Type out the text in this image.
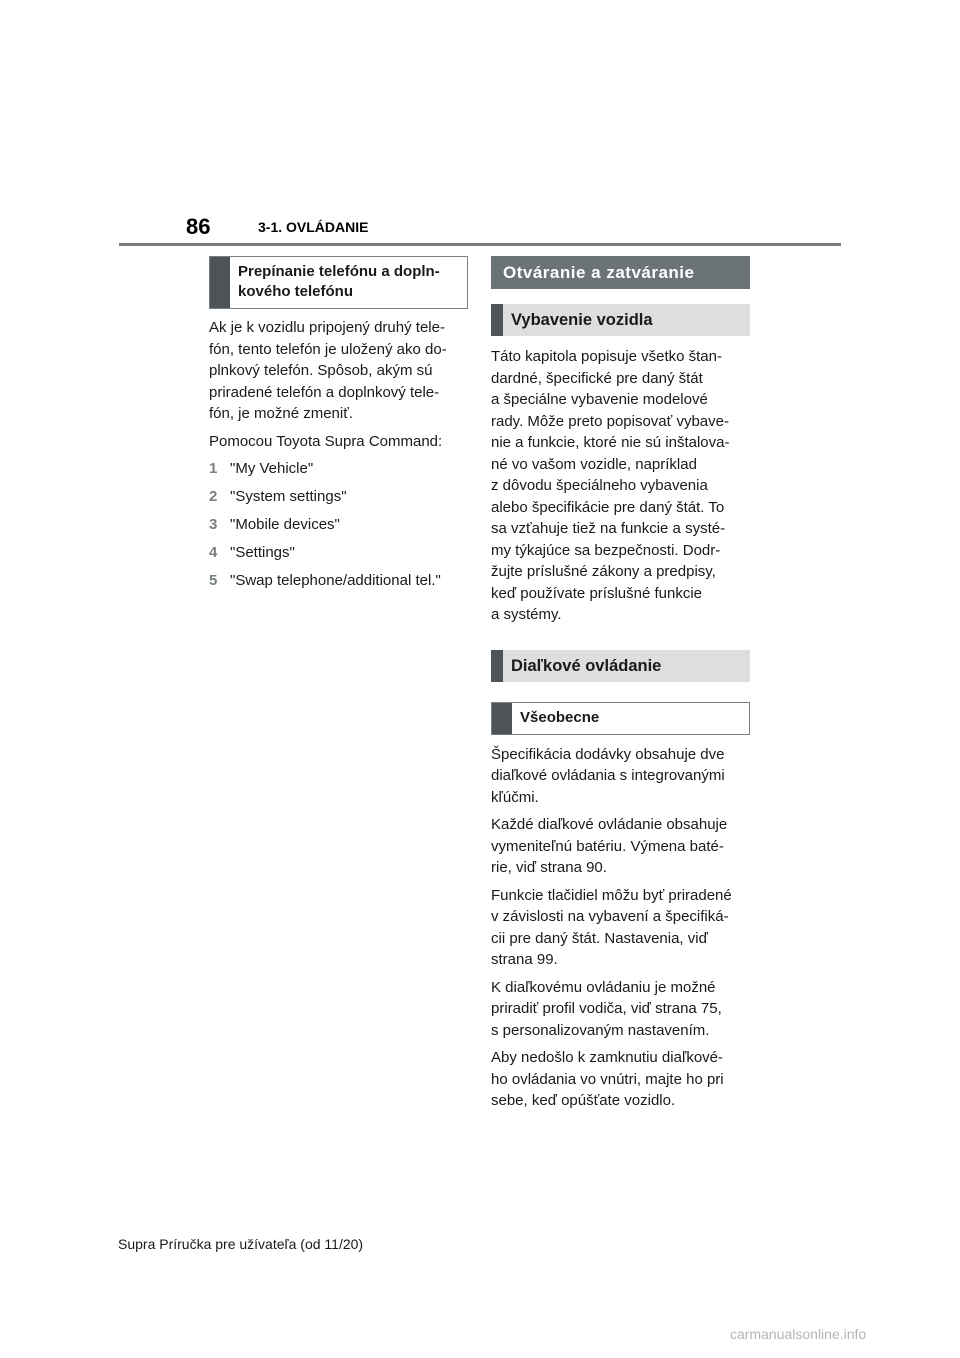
86	3-1. OVLÁDANIE
Prepínanie telefónu a dopln-
kového telefónu

Ak je k vozidlu pripojený druhý tele-
fón, tento telefón je uložený ako do-
plnkový telefón. Spôsob, akým sú
priradené telefón a doplnkový tele-
fón, je možné zmeniť.

Pomocou Toyota Supra Command:

1 "My Vehicle"
2 "System settings"
3 "Mobile devices"
4 "Settings"
5 "Swap telephone/additional tel."
Otváranie a zatváranie
Vybavenie vozidla

Táto kapitola popisuje všetko štan-
dardné, špecifické pre daný štát
a špeciálne vybavenie modelové
rady. Môže preto popisovať vybave-
nie a funkcie, ktoré nie sú inštalova-
né vo vašom vozidle, napríklad
z dôvodu špeciálneho vybavenia
alebo špecifikácie pre daný štát. To
sa vzťahuje tiež na funkcie a systé-
my týkajúce sa bezpečnosti. Dodr-
žujte príslušné zákony a predpisy,
keď používate príslušné funkcie
a systémy.

Diaľkové ovládanie
Všeobecne

Špecifikácia dodávky obsahuje dve
diaľkové ovládania s integrovanými
kľúčmi.

Každé diaľkové ovládanie obsahuje
vymeniteľnú batériu. Výmena baté-
rie, viď strana 90.

Funkcie tlačidiel môžu byť priradené
v závislosti na vybavení a špecifiká-
cii pre daný štát. Nastavenia, viď
strana 99.

K diaľkovému ovládaniu je možné
priradiť profil vodiča, viď strana 75,
s personalizovaným nastavením.

Aby nedošlo k zamknutiu diaľkové-
ho ovládania vo vnútri, majte ho pri
sebe, keď opúšťate vozidlo.

Supra Príručka pre užívateľa (od 11/20)
carmanualsonline.info
